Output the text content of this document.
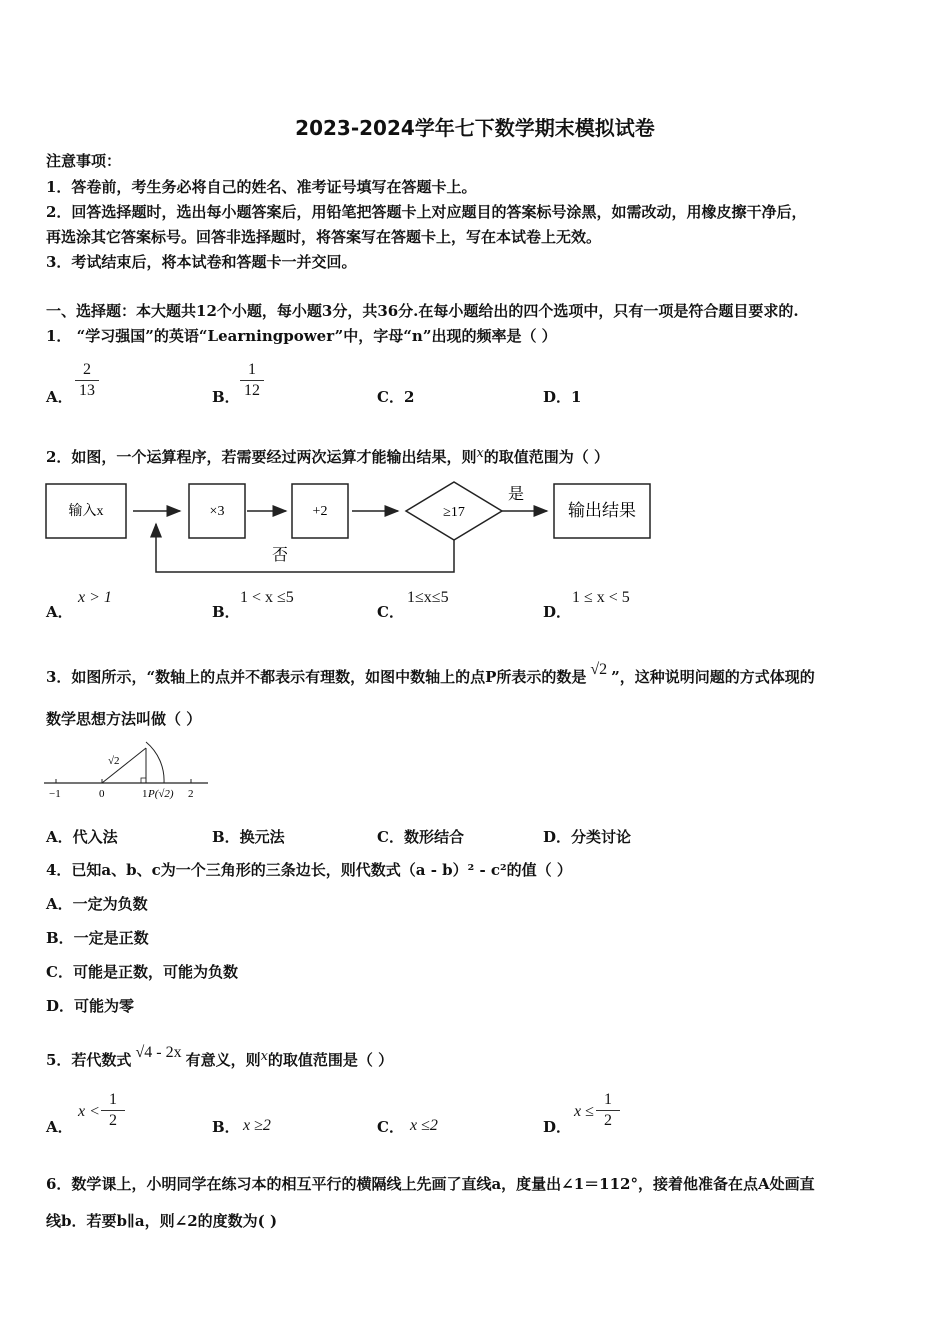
2023-2024学年七下数学期末模拟试卷
注意事项：
1．答卷前，考生务必将自己的姓名、准考证号填写在答题卡上。
2．回答选择题时，选出每小题答案后，用铅笔把答题卡上对应题目的答案标号涂黑，如需改动，用橡皮擦干净后，
再选涂其它答案标号。回答非选择题时，将答案写在答题卡上，写在本试卷上无效。
3．考试结束后，将本试卷和答题卡一并交回。
一、选择题：本大题共12个小题，每小题3分，共36分.在每小题给出的四个选项中，只有一项是符合题目要求的.
1． “学习强国”的英语“Learningpower”中，字母“n”出现的频率是（ ）
A． $\frac{2}{13}$	B． $\frac{1}{12}$	C．2	D．1
2．如图，一个运算程序，若需要经过两次运算才能输出结果，则x的取值范围为（ ）
输入x	×3	+2	≥17
是
输出结果
否
A．
x > 1
B．
1 < x ≤5
C．
1≤x≤5
D．
1 ≤ x < 5
3．如图所示，“数轴上的点并不都表示有理数，如图中数轴上的点P所表示的数是 √2 ”，这种说明问题的方式体现的
数学思想方法叫做（ ）
−1	0	1	2
P(√2)
√2
A．代入法	B．换元法	C．数形结合	D．分类讨论
4．已知a、b、c为一个三角形的三条边长，则代数式（a - b）² - c²的值（ ）
A．一定为负数
B．一定是正数
C．可能是正数，可能为负数
D．可能为零
5．若代数式 √4 - 2x 有意义，则x的取值范围是（ ）
A．
$x < \frac{1}{2}$	B． x ≥2	C． x ≤2	D．
$x \le \frac{1}{2}$
6．数学课上，小明同学在练习本的相互平行的横隔线上先画了直线a，度量出∠1＝112°，接着他准备在点A处画直
线b．若要b∥a，则∠2的度数为( )
